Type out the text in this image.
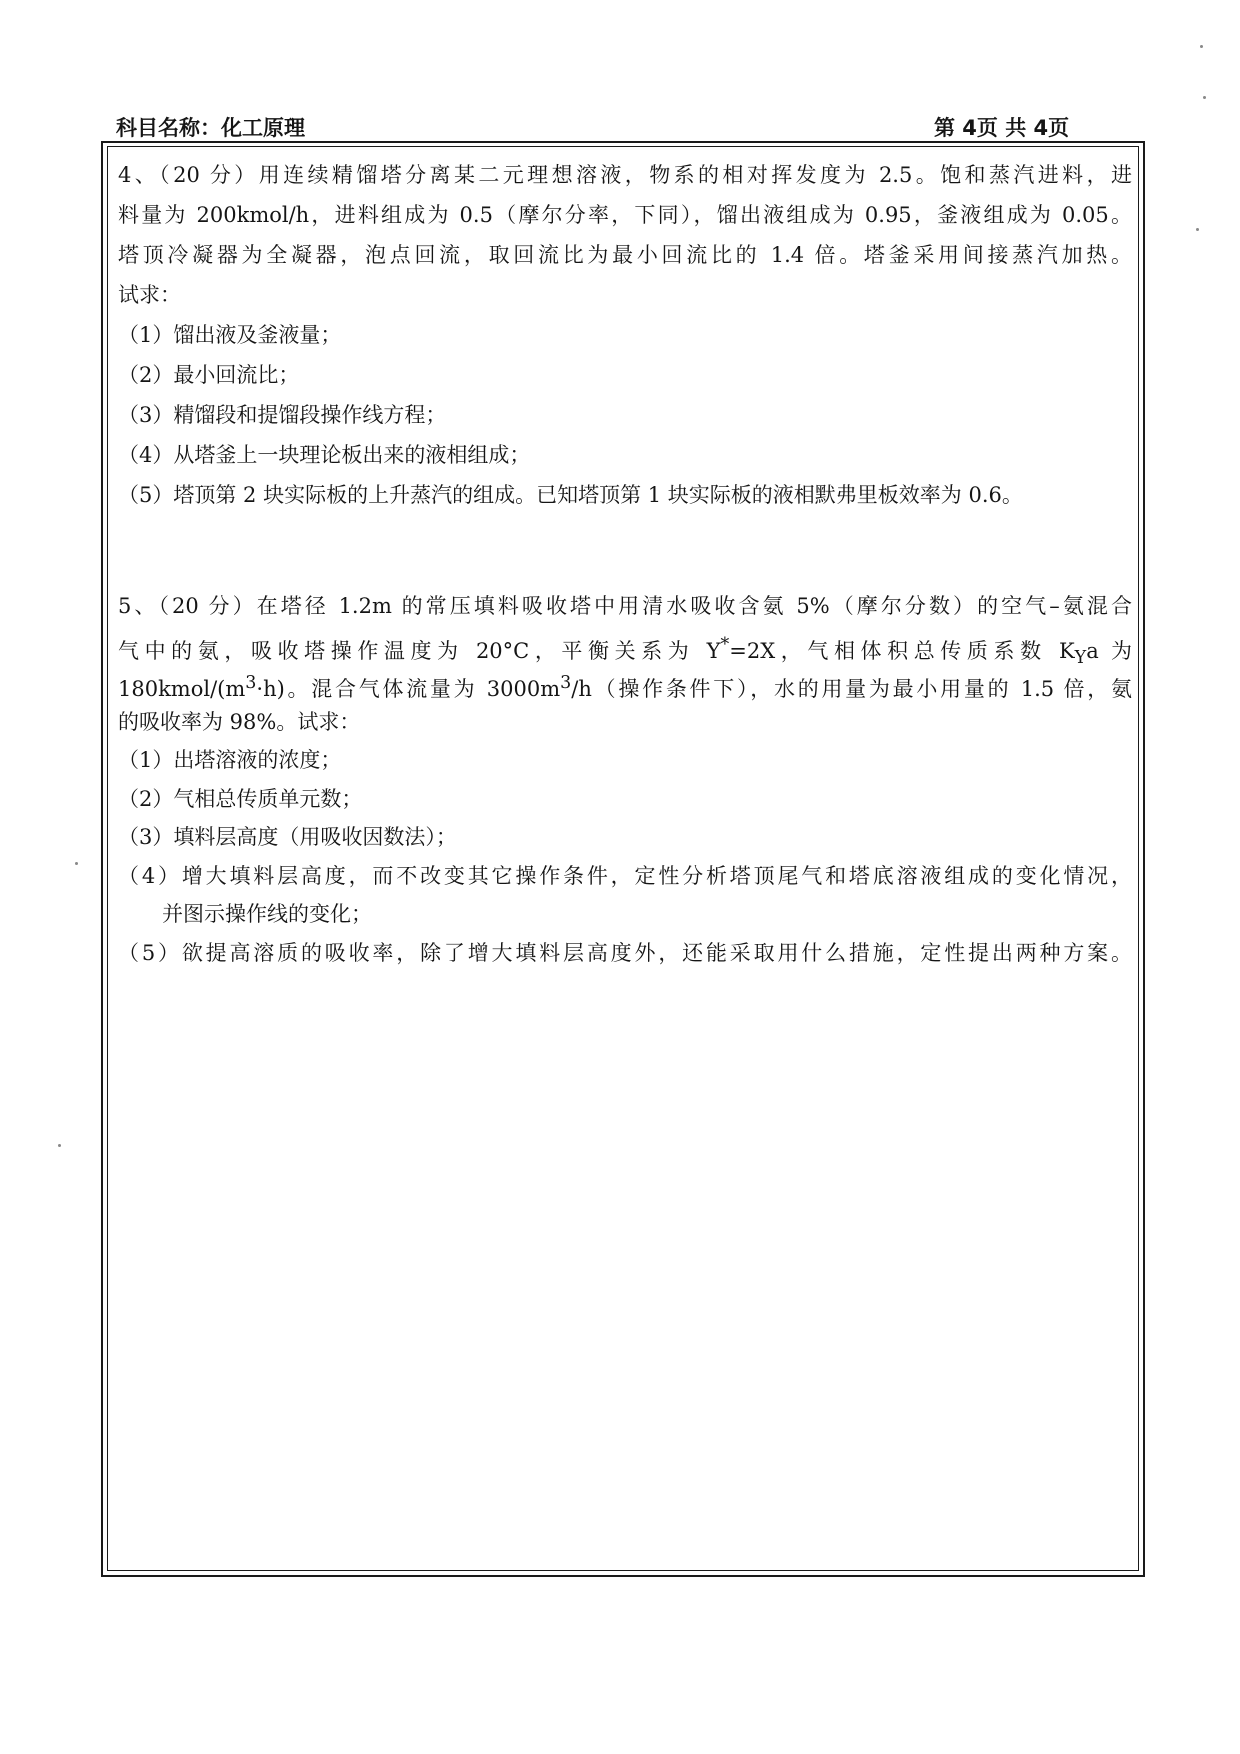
科目名称：化工原理	第 4页 共 4页
4、（20 分）用连续精馏塔分离某二元理想溶液，物系的相对挥发度为 2.5。饱和蒸汽进料，进
料量为 200kmol/h，进料组成为 0.5（摩尔分率，下同），馏出液组成为 0.95，釜液组成为 0.05。
塔顶冷凝器为全凝器，泡点回流，取回流比为最小回流比的 1.4 倍。塔釜采用间接蒸汽加热。
试求：
（1）馏出液及釜液量；
（2）最小回流比；
（3）精馏段和提馏段操作线方程；
（4）从塔釜上一块理论板出来的液相组成；
（5）塔顶第 2 块实际板的上升蒸汽的组成。已知塔顶第 1 块实际板的液相默弗里板效率为 0.6。
5、（20 分）在塔径 1.2m 的常压填料吸收塔中用清水吸收含氨 5%（摩尔分数）的空气–氨混合
气中的氨，吸收塔操作温度为 20°C，平衡关系为 Y*=2X，气相体积总传质系数 $K_Ya$ 为
$180kmol/(m^3\cdot h)$。混合气体流量为 $3000m^3/h$（操作条件下），水的用量为最小用量的 1.5 倍，氨
的吸收率为 98%。试求：
（1）出塔溶液的浓度；
（2）气相总传质单元数；
（3）填料层高度（用吸收因数法）；
（4）增大填料层高度，而不改变其它操作条件，定性分析塔顶尾气和塔底溶液组成的变化情况，
并图示操作线的变化；
（5）欲提高溶质的吸收率，除了增大填料层高度外，还能采取用什么措施，定性提出两种方案。
